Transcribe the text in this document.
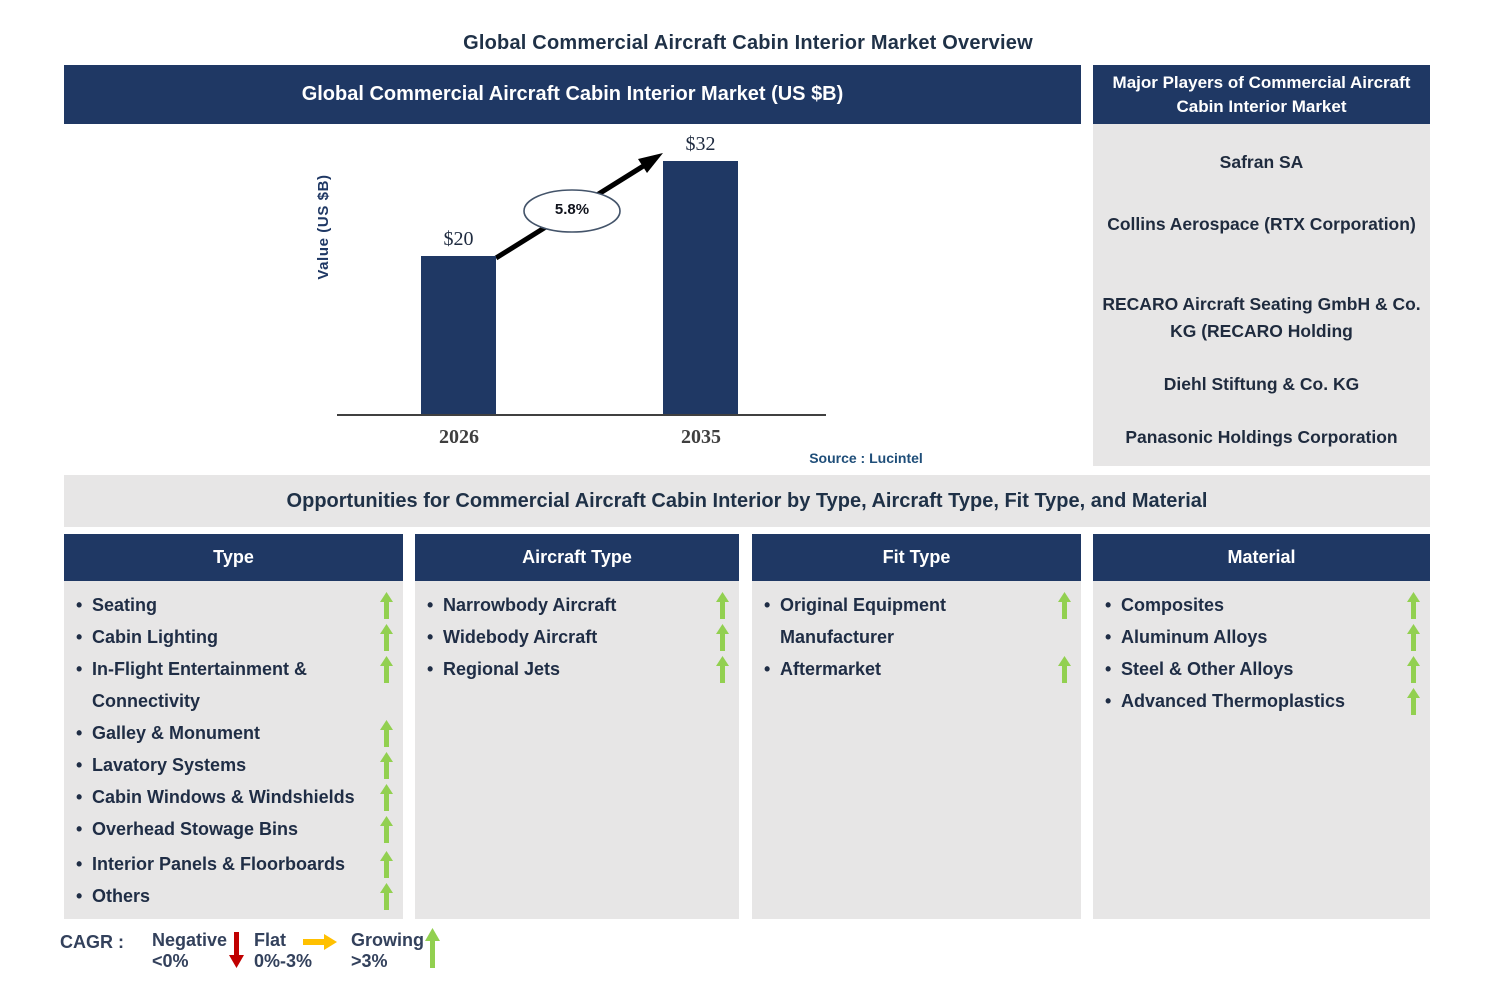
Global Commercial Aircraft Cabin Interior Market Overview
Global Commercial Aircraft Cabin Interior Market (US $B)
Value (US $B)	5.8%
$20
$32
2026	2035
Source : Lucintel
Major Players of Commercial Aircraft Cabin Interior Market
Safran SA
Collins Aerospace (RTX Corporation)
RECARO Aircraft Seating GmbH & Co. KG (RECARO Holding
Diehl Stiftung & Co. KG
Panasonic Holdings Corporation
Opportunities for Commercial Aircraft Cabin Interior by Type, Aircraft Type, Fit Type, and Material
Type
•
Seating
•
Cabin Lighting
•
In-Flight Entertainment &
Connectivity
•
Galley & Monument
•
Lavatory Systems
•
Cabin Windows & Windshields
•
Overhead Stowage Bins
•
Interior Panels & Floorboards
•
Others
Aircraft Type
•
Narrowbody Aircraft
•
Widebody Aircraft
•
Regional Jets
Fit Type
•
Original Equipment
Manufacturer
•
Aftermarket
Material
•
Composites
•
Aluminum Alloys
•
Steel & Other Alloys
•
Advanced Thermoplastics
CAGR : Negative
<0%
Flat
0%-3%
Growing
>3%
